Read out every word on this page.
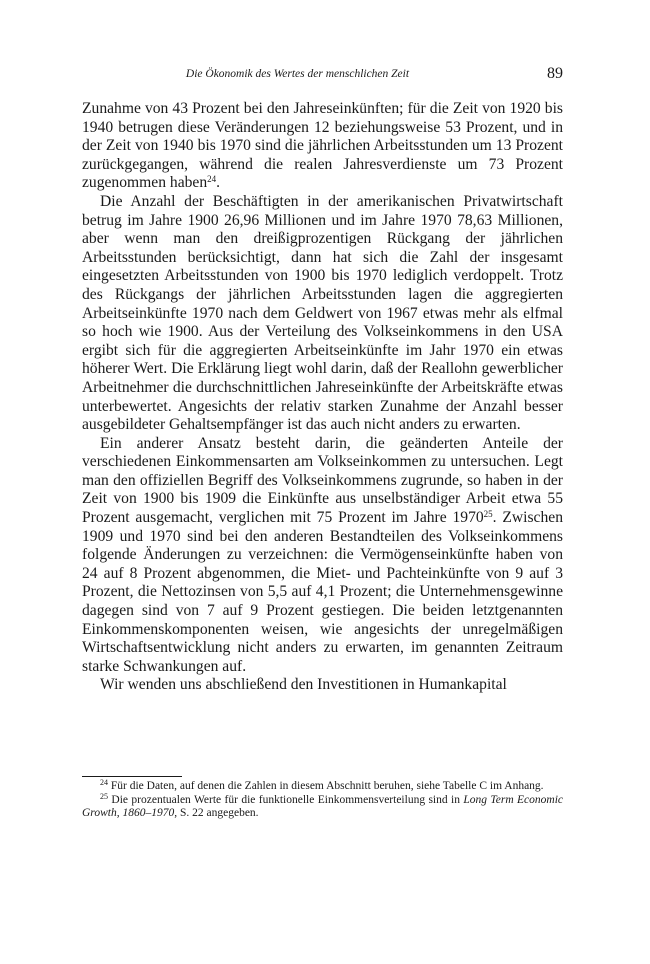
Die Ökonomik des Wertes der menschlichen Zeit	89

Zunahme von 43 Prozent bei den Jahreseinkünften; für die Zeit von 1920 bis 1940 betrugen diese Veränderungen 12 beziehungsweise 53 Prozent, und in der Zeit von 1940 bis 1970 sind die jährlichen Arbeitsstunden um 13 Prozent zurückgegangen, während die realen Jahresverdienste um 73 Prozent zugenommen haben$^{24}$.

Die Anzahl der Beschäftigten in der amerikanischen Privatwirtschaft betrug im Jahre 1900 26,96 Millionen und im Jahre 1970 78,63 Millionen, aber wenn man den dreißigprozentigen Rückgang der jährlichen Arbeitsstunden berücksichtigt, dann hat sich die Zahl der insgesamt eingesetzten Arbeitsstunden von 1900 bis 1970 lediglich verdoppelt. Trotz des Rückgangs der jährlichen Arbeitsstunden lagen die aggregierten Arbeitseinkünfte 1970 nach dem Geldwert von 1967 etwas mehr als elfmal so hoch wie 1900. Aus der Verteilung des Volkseinkommens in den USA ergibt sich für die aggregierten Arbeitseinkünfte im Jahr 1970 ein etwas höherer Wert. Die Erklärung liegt wohl darin, daß der Reallohn gewerblicher Arbeitnehmer die durchschnittlichen Jahreseinkünfte der Arbeitskräfte etwas unterbewertet. Angesichts der relativ starken Zunahme der Anzahl besser ausgebildeter Gehaltsempfänger ist das auch nicht anders zu erwarten.

Ein anderer Ansatz besteht darin, die geänderten Anteile der verschiedenen Einkommensarten am Volkseinkommen zu untersuchen. Legt man den offiziellen Begriff des Volkseinkommens zugrunde, so haben in der Zeit von 1900 bis 1909 die Einkünfte aus unselbständiger Arbeit etwa 55 Prozent ausgemacht, verglichen mit 75 Prozent im Jahre 1970$^{25}$. Zwischen 1909 und 1970 sind bei den anderen Bestandteilen des Volkseinkommens folgende Änderungen zu verzeichnen: die Vermögenseinkünfte haben von 24 auf 8 Prozent abgenommen, die Miet- und Pachteinkünfte von 9 auf 3 Prozent, die Nettozinsen von 5,5 auf 4,1 Prozent; die Unternehmensgewinne dagegen sind von 7 auf 9 Prozent gestiegen. Die beiden letztgenannten Einkommenskomponenten weisen, wie angesichts der unregelmäßigen Wirtschaftsentwicklung nicht anders zu erwarten, im genannten Zeitraum starke Schwankungen auf.

Wir wenden uns abschließend den Investitionen in Humankapital

$^{24}$ Für die Daten, auf denen die Zahlen in diesem Abschnitt beruhen, siehe Tabelle C im Anhang.

$^{25}$ Die prozentualen Werte für die funktionelle Einkommensverteilung sind in Long Term Economic Growth, 1860–1970, S. 22 angegeben.
